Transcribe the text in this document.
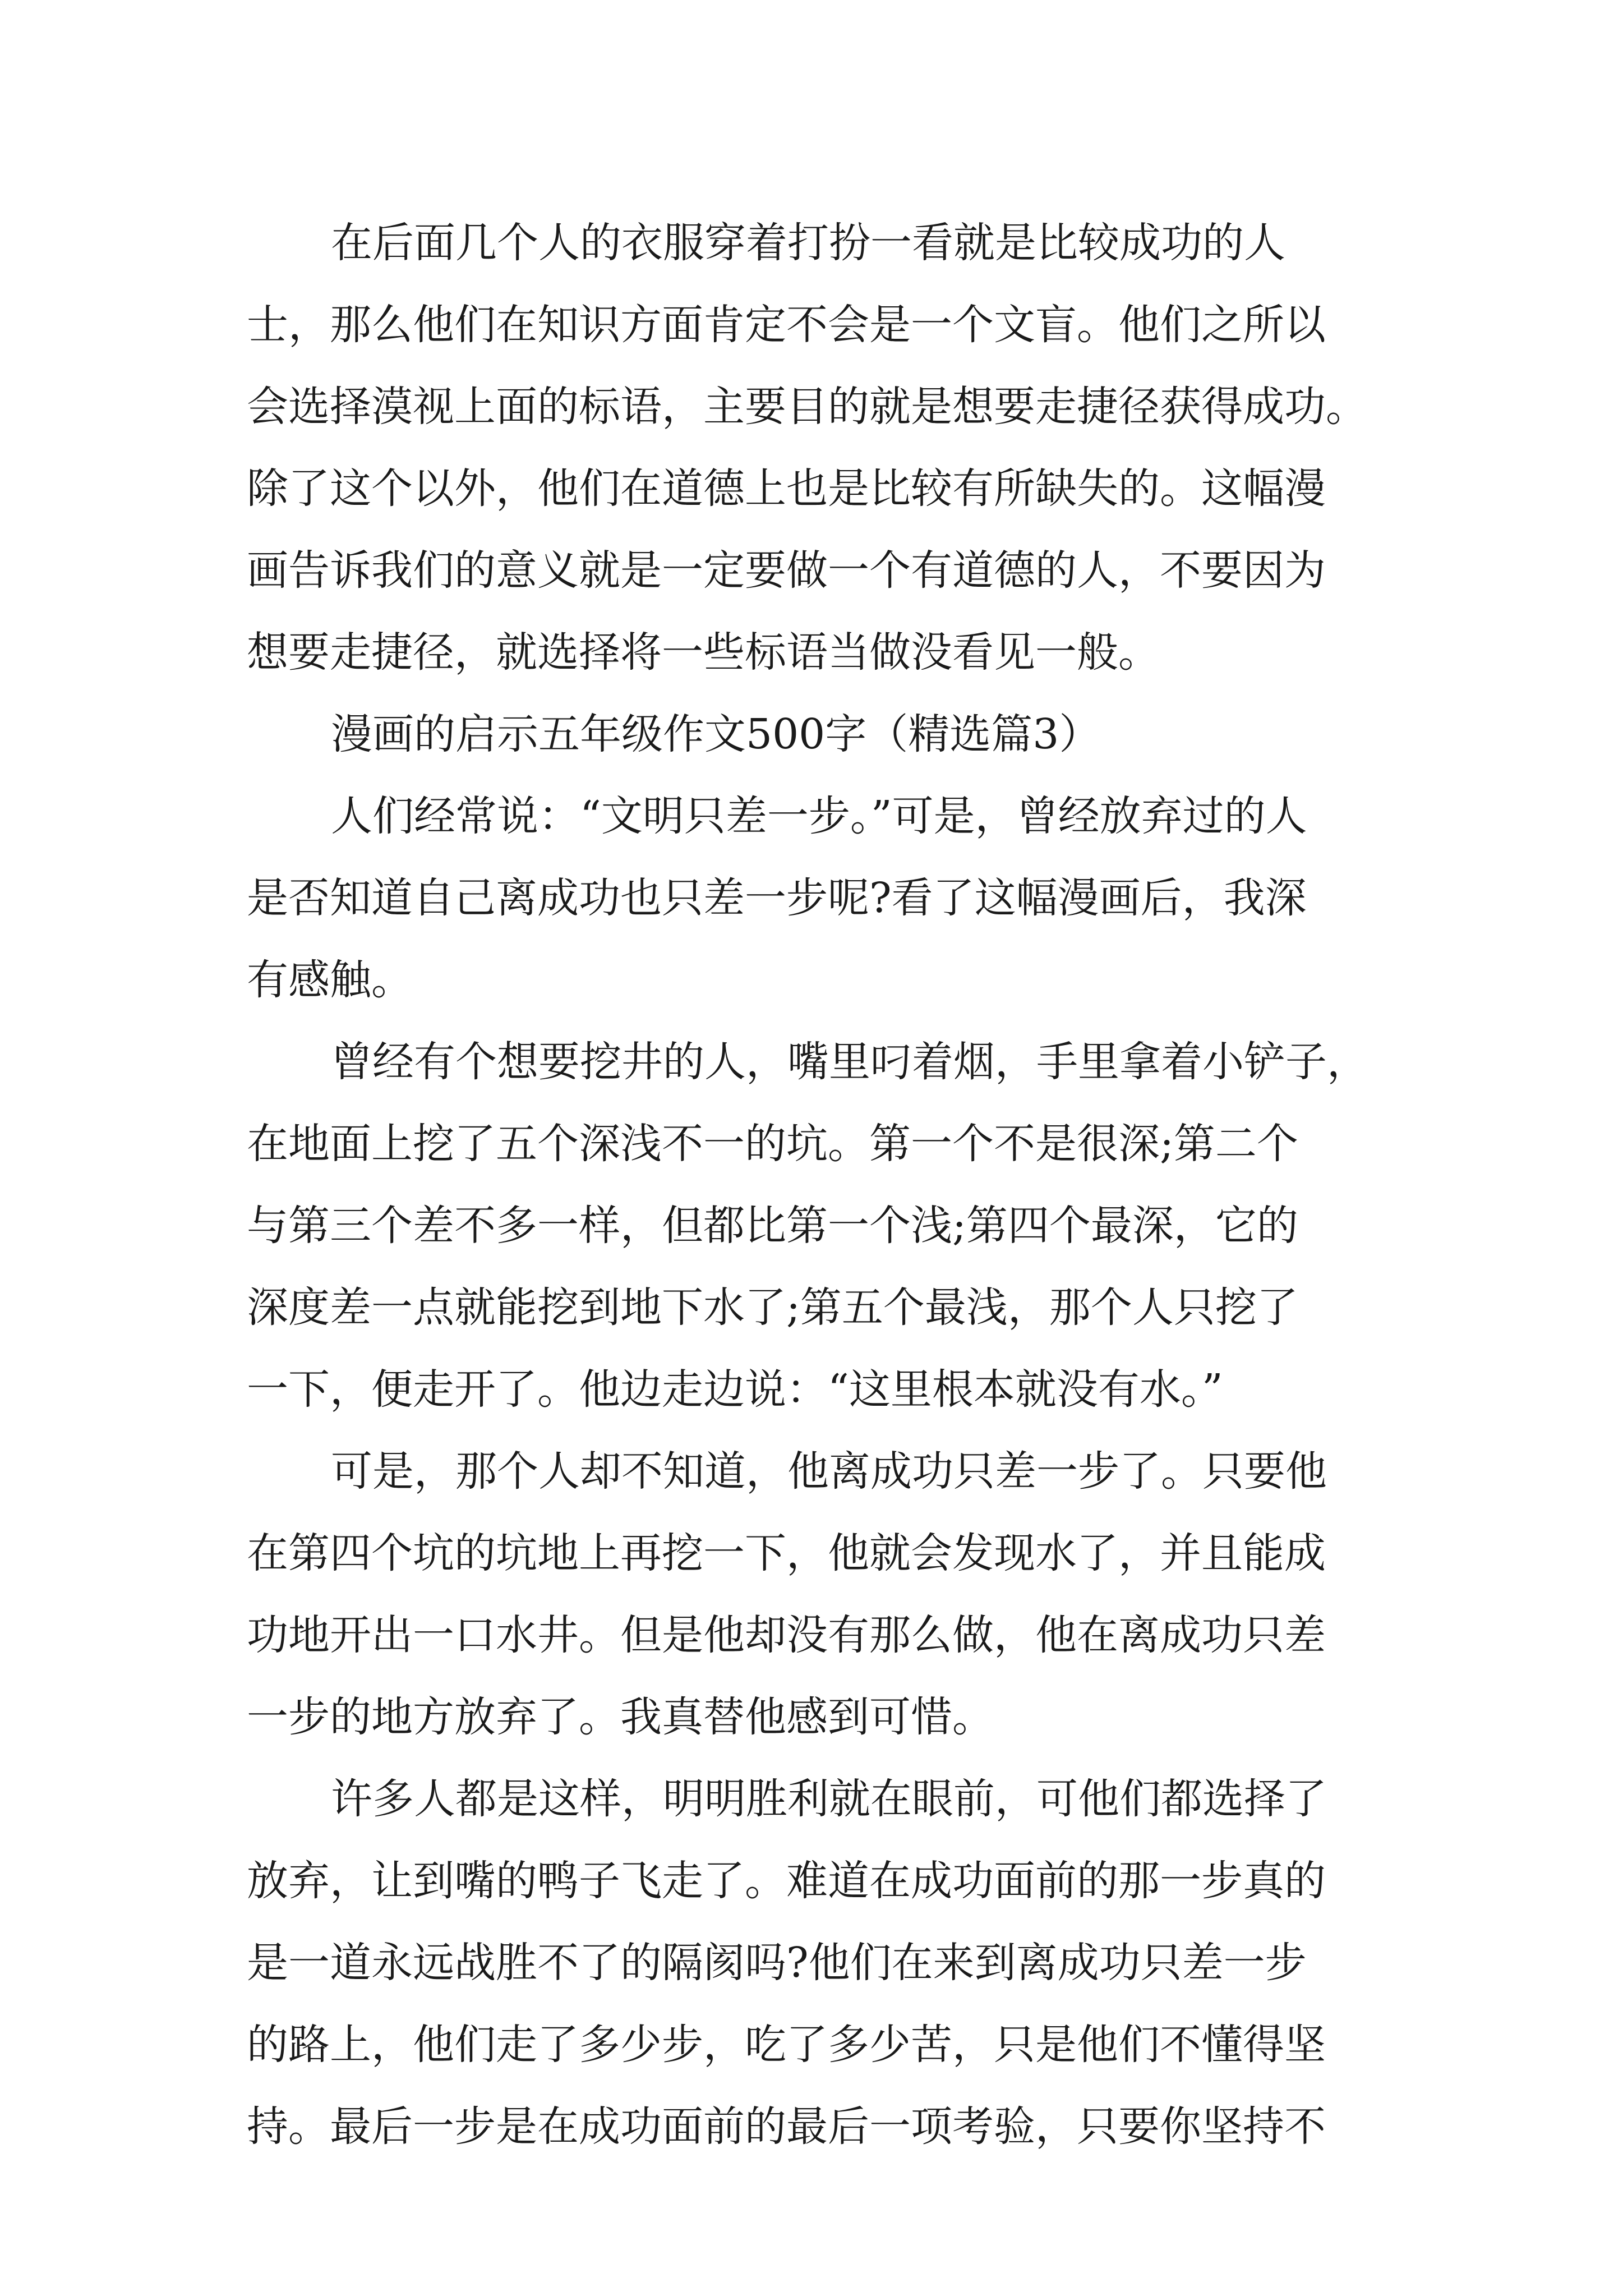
在后面几个人的衣服穿着打扮一看就是比较成功的人
士，那么他们在知识方面肯定不会是一个文盲。他们之所以
会选择漠视上面的标语，主要目的就是想要走捷径获得成功。
除了这个以外，他们在道德上也是比较有所缺失的。这幅漫
画告诉我们的意义就是一定要做一个有道德的人，不要因为
想要走捷径，就选择将一些标语当做没看见一般。
漫画的启示五年级作文500字（精选篇3）
人们经常说：“文明只差一步。”可是，曾经放弃过的人
是否知道自己离成功也只差一步呢?看了这幅漫画后，我深
有感触。
曾经有个想要挖井的人，嘴里叼着烟，手里拿着小铲子，
在地面上挖了五个深浅不一的坑。第一个不是很深;第二个
与第三个差不多一样，但都比第一个浅;第四个最深，它的
深度差一点就能挖到地下水了;第五个最浅，那个人只挖了
一下，便走开了。他边走边说：“这里根本就没有水。”
可是，那个人却不知道，他离成功只差一步了。只要他
在第四个坑的坑地上再挖一下，他就会发现水了，并且能成
功地开出一口水井。但是他却没有那么做，他在离成功只差
一步的地方放弃了。我真替他感到可惜。
许多人都是这样，明明胜利就在眼前，可他们都选择了
放弃，让到嘴的鸭子飞走了。难道在成功面前的那一步真的
是一道永远战胜不了的隔阂吗?他们在来到离成功只差一步
的路上，他们走了多少步，吃了多少苦，只是他们不懂得坚
持。最后一步是在成功面前的最后一项考验，只要你坚持不
